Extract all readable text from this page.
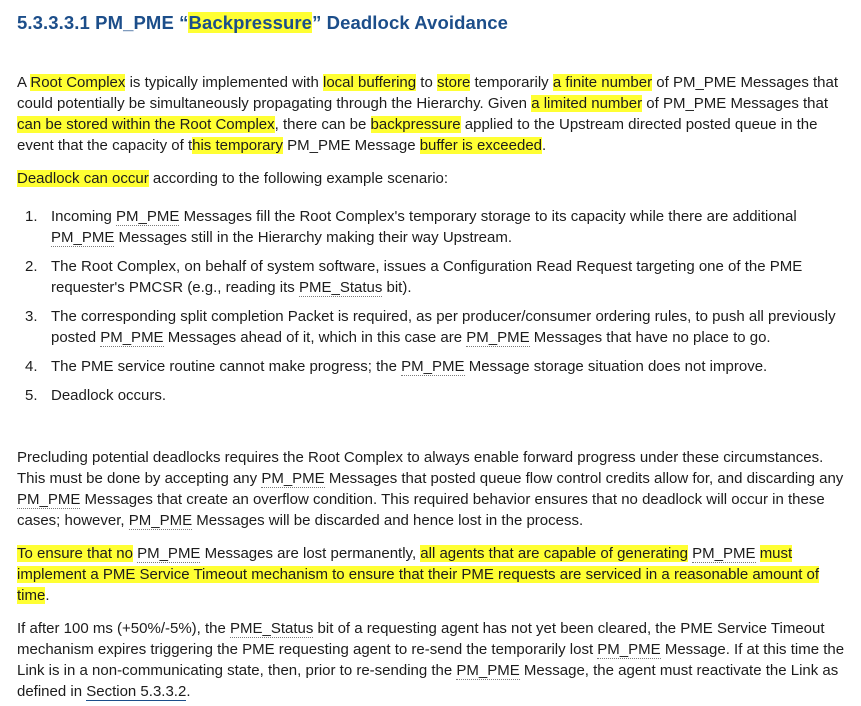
5.3.3.3.1 PM_PME “Backpressure” Deadlock Avoidance

A Root Complex is typically implemented with local buffering to store temporarily a finite number of PM_PME Messages that could potentially be simultaneously propagating through the Hierarchy. Given a limited number of PM_PME Messages that can be stored within the Root Complex, there can be backpressure applied to the Upstream directed posted queue in the event that the capacity of this temporary PM_PME Message buffer is exceeded.

Deadlock can occur according to the following example scenario:

1. Incoming PM_PME Messages fill the Root Complex's temporary storage to its capacity while there are additional PM_PME Messages still in the Hierarchy making their way Upstream.
2. The Root Complex, on behalf of system software, issues a Configuration Read Request targeting one of the PME requester's PMCSR (e.g., reading its PME_Status bit).
3. The corresponding split completion Packet is required, as per producer/consumer ordering rules, to push all previously posted PM_PME Messages ahead of it, which in this case are PM_PME Messages that have no place to go.
4. The PME service routine cannot make progress; the PM_PME Message storage situation does not improve.
5. Deadlock occurs.

Precluding potential deadlocks requires the Root Complex to always enable forward progress under these circumstances. This must be done by accepting any PM_PME Messages that posted queue flow control credits allow for, and discarding any PM_PME Messages that create an overflow condition. This required behavior ensures that no deadlock will occur in these cases; however, PM_PME Messages will be discarded and hence lost in the process.

To ensure that no PM_PME Messages are lost permanently, all agents that are capable of generating PM_PME must implement a PME Service Timeout mechanism to ensure that their PME requests are serviced in a reasonable amount of time.

If after 100 ms (+50%/-5%), the PME_Status bit of a requesting agent has not yet been cleared, the PME Service Timeout mechanism expires triggering the PME requesting agent to re-send the temporarily lost PM_PME Message. If at this time the Link is in a non-communicating state, then, prior to re-sending the PM_PME Message, the agent must reactivate the Link as defined in Section 5.3.3.2.
